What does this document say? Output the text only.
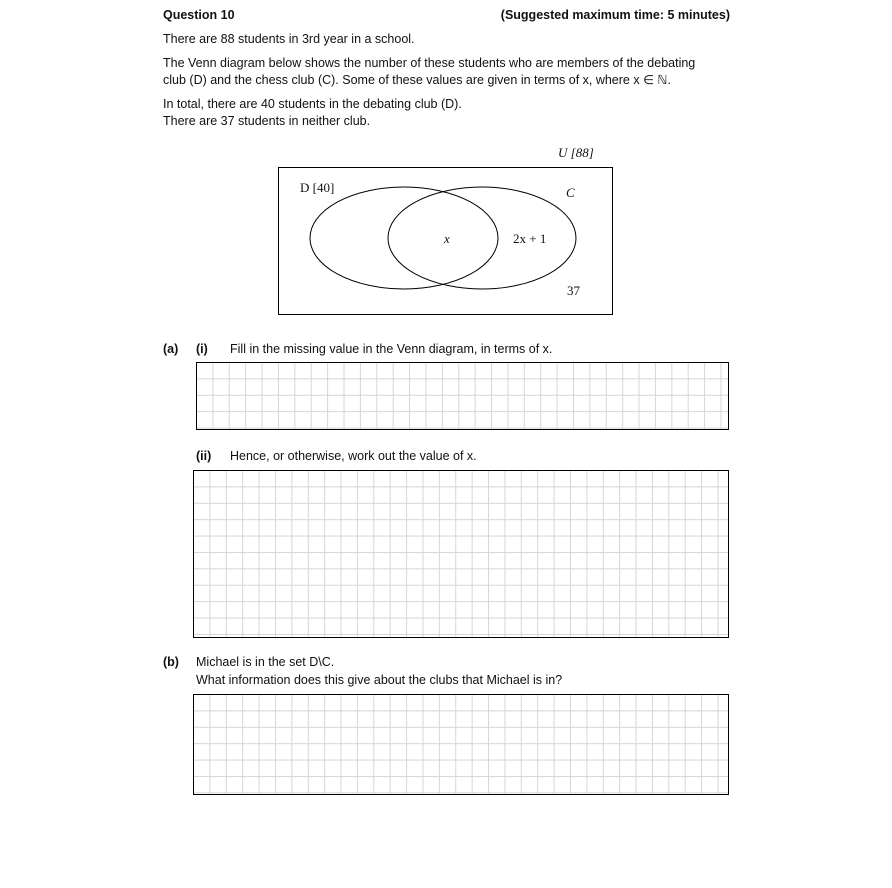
Question 10	(Suggested maximum time: 5 minutes)
There are 88 students in 3rd year in a school.
The Venn diagram below shows the number of these students who are members of the debating
club (D) and the chess club (C). Some of these values are given in terms of x, where x ∈ ℕ.
In total, there are 40 students in the debating club (D).
There are 37 students in neither club.
U [88]
D [40]	C
x	2x + 1
37
(a) (i) Fill in the missing value in the Venn diagram, in terms of x.
(ii) Hence, or otherwise, work out the value of x.
(b) Michael is in the set D\C.
What information does this give about the clubs that Michael is in?
